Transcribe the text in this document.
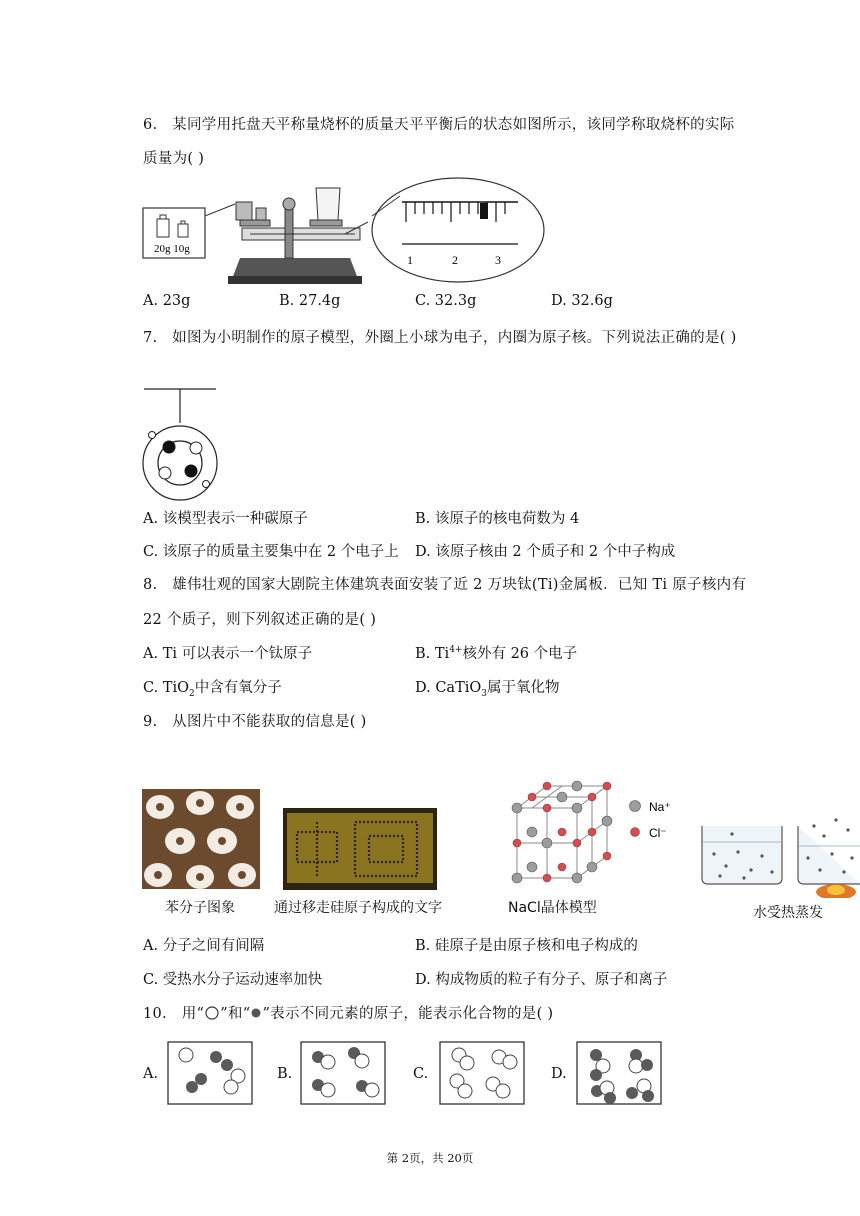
6. 某同学用托盘天平称量烧杯的质量天平平衡后的状态如图所示，该同学称取烧杯的实际
质量为( )
20g 10g
1	2	3
A. 23g	B. 27.4g	C. 32.3g	D. 32.6g
7. 如图为小明制作的原子模型，外圈上小球为电子，内圈为原子核。下列说法正确的是( )
A. 该模型表示一种碳原子	B. 该原子的核电荷数为 4
C. 该原子的质量主要集中在 2 个电子上 D. 该原子核由 2 个质子和 2 个中子构成
8. 雄伟壮观的国家大剧院主体建筑表面安装了近 2 万块钛(Ti)金属板．已知 Ti 原子核内有
22 个质子，则下列叙述正确的是( )
A. Ti 可以表示一个钛原子	B. $Ti^{4+}$核外有 26 个电子
C. TiO$_2$中含有氧分子	D. CaTiO$_3$属于氧化物
9. 从图片中不能获取的信息是( )
苯分子图象	通过移走硅原子构成的文字
Na⁺
Cl⁻
NaCl晶体模型	水受热蒸发
A. 分子之间有间隔	B. 硅原子是由原子核和电子构成的
C. 受热水分子运动速率加快	D. 构成物质的粒子有分子、原子和离子
10. 用“ ”和“ ”表示不同元素的原子，能表示化合物的是( )
A.	B.	C.	D.
第 2页，共 20页
